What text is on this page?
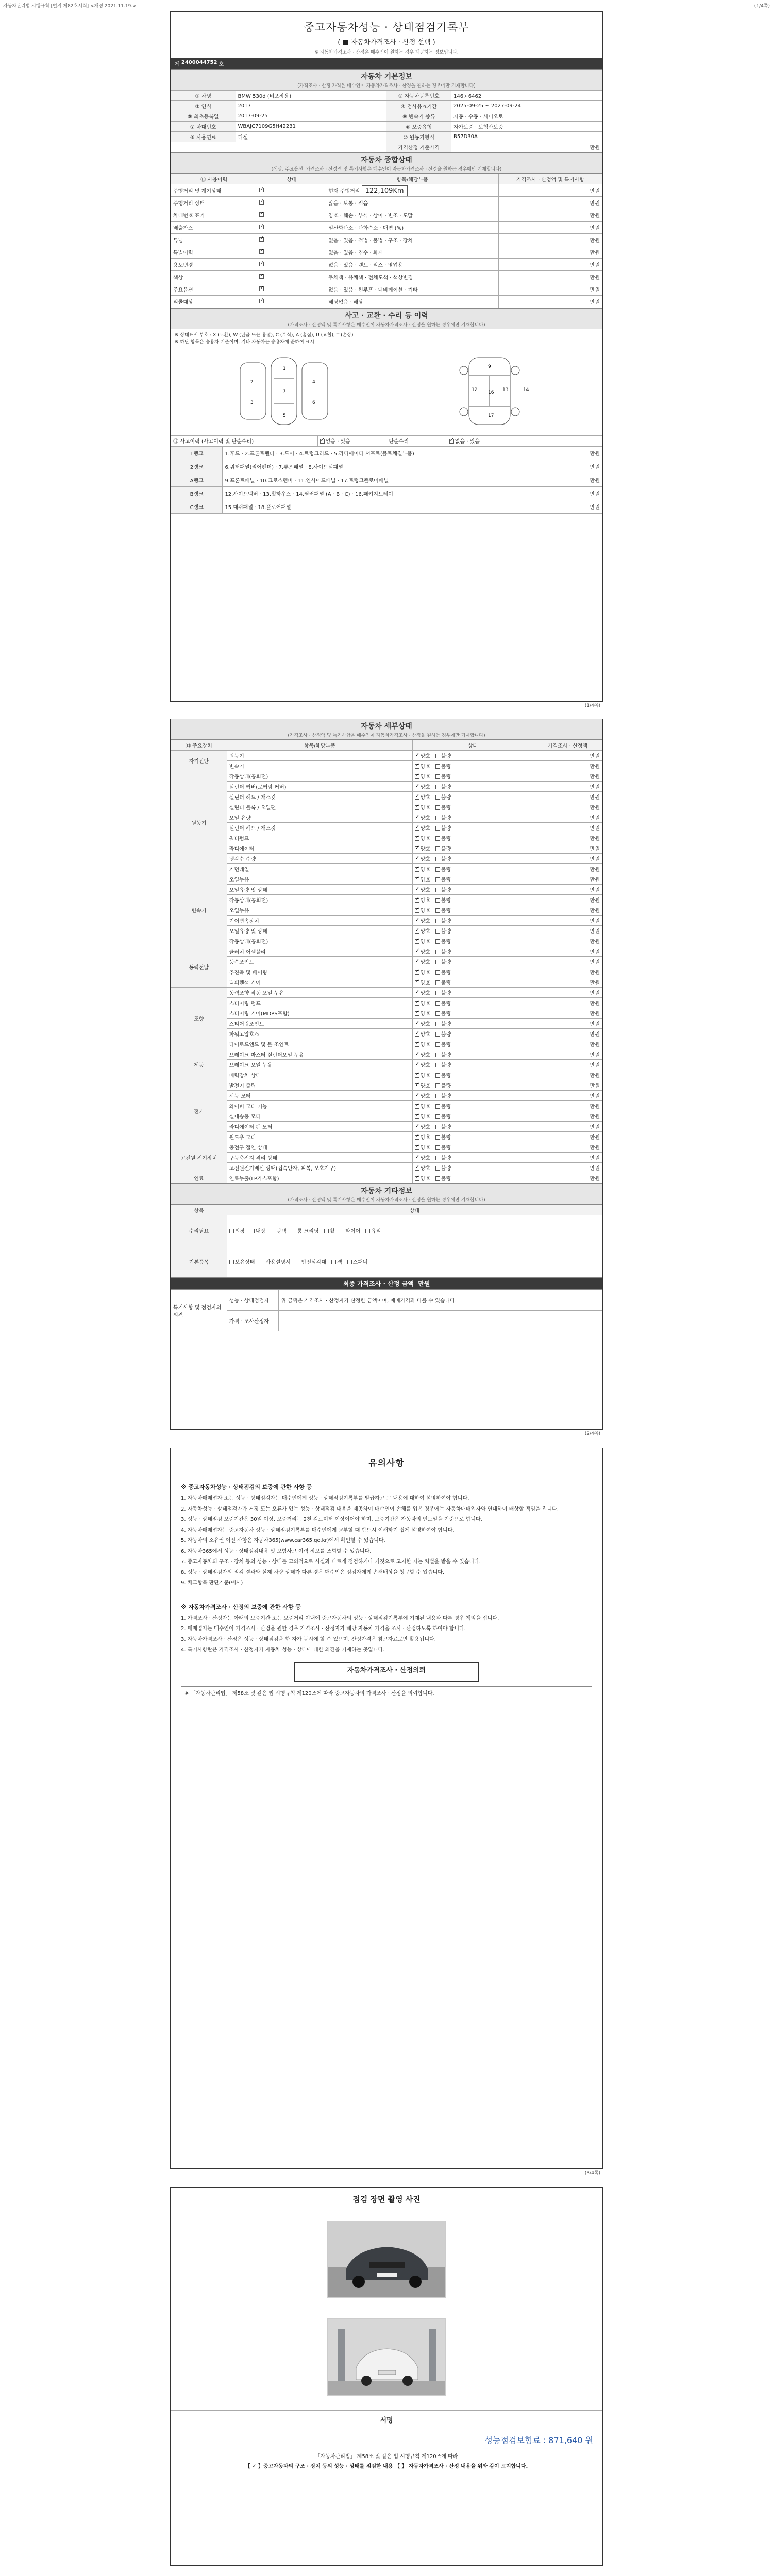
자동차관리법 시행규칙 [별지 제82호서식] <개정 2021.11.19.>	(1/4쪽)
중고자동차성능 · 상태점검기록부
( ■ 자동차가격조사 · 산정 선택 )
※ 자동차가격조사 · 산정은 매수인이 원하는 경우 제공하는 정보입니다.
제
2400044752
호
자동차 기본정보
(가격조사 · 산정 가격은 매수인이 자동차가격조사 · 산정을 원하는 경우에만 기재합니다)
① 차명	BMW 530d (비포장용)	② 자동차등록번호	146고6462
③ 연식	2017	④ 검사유효기간	2025-09-25 ~ 2027-09-24
⑤ 최초등록일	2017-09-25	⑥ 변속기 종류	자동 · 수동 · 세미오토
⑦ 차대번호	WBAJC7109G5H42231	⑧ 보증유형	자가보증 · 보험사보증
⑨ 사용연료	디젤	⑩ 원동기형식	B57D30A
		가격산정 기준가격	만원
자동차 종합상태
(색상, 주요옵션, 가격조사 · 산정액 및 특기사항은 매수인이 자동차가격조사 · 산정을 원하는 경우에만 기재합니다)
⑪ 사용이력	상태	항목/해당부품	가격조사 · 산정액 및 특기사항
주행거리 및 계기상태	✓	현재 주행거리 122,109Km	만원
주행거리 상태	✓	많음 · 보통 · 적음	만원
차대번호 표기	✓	양호 · 훼손 · 부식 · 상이 · 변조 · 도말	만원
배출가스	✓	일산화탄소 · 탄화수소 · 매연 (%)	만원
튜닝	✓	없음 · 있음 · 적법 · 불법 · 구조 · 장치	만원
특별이력	✓	없음 · 있음 · 침수 · 화재	만원
용도변경	✓	없음 · 있음 · 렌트 · 리스 · 영업용	만원
색상	✓	무채색 · 유채색 · 전체도색 · 색상변경	만원
주요옵션	✓	없음 · 있음 · 썬루프 · 네비게이션 · 기타	만원
리콜대상	✓	해당없음 · 해당	만원
사고 · 교환 · 수리 등 이력
(가격조사 · 산정액 및 특기사항은 매수인이 자동차가격조사 · 산정을 원하는 경우에만 기재합니다)
※ 상태표시 부호 : X (교환), W (판금 또는 용접), C (부식), A (흠집), U (요철), T (손상)
※ 하단 항목은 승용차 기준이며, 기타 자동차는 승용차에 준하여 표시
1
2
3
7
4
6
5
9
12	13
16
17
14
⑫ 사고이력 (사고이력 및 단순수리)	✓없음 · 있음	단순수리	✓없음 · 있음
1랭크	1.후드 · 2.프론트펜더 · 3.도어 · 4.트렁크리드 · 5.라디에이터 서포트(볼트체결부품)	만원
2랭크	6.쿼터패널(리어펜더) · 7.루프패널 · 8.사이드실패널	만원
A랭크	9.프론트패널 · 10.크로스멤버 · 11.인사이드패널 · 17.트렁크플로어패널	만원
B랭크	12.사이드멤버 · 13.휠하우스 · 14.필러패널 (A · B · C) · 16.패키지트레이	만원
C랭크	15.대쉬패널 · 18.플로어패널	만원
(1/4쪽)
자동차 세부상태
(가격조사 · 산정액 및 특기사항은 매수인이 자동차가격조사 · 산정을 원하는 경우에만 기재합니다)
⑬ 주요장치	항목/해당부품	상태	가격조사 · 산정액
자기진단	원동기	✓양호 불량	만원
	변속기	✓양호 불량	만원
원동기	작동상태(공회전)	✓양호 불량	만원
	실린더 커버(로커암 커버)	✓양호 불량	만원
	실린더 헤드 / 개스킷	✓양호 불량	만원
	실린더 블록 / 오일팬	✓양호 불량	만원
	오일 유량	✓양호 불량	만원
	실린더 헤드 / 개스킷	✓양호 불량	만원
	워터펌프	✓양호 불량	만원
	라디에이터	✓양호 불량	만원
	냉각수 수량	✓양호 불량	만원
	커먼레일	✓양호 불량	만원
변속기	오일누유	✓양호 불량	만원
	오일유량 및 상태	✓양호 불량	만원
	작동상태(공회전)	✓양호 불량	만원
	오일누유	✓양호 불량	만원
	기어변속장치	✓양호 불량	만원
	오일유량 및 상태	✓양호 불량	만원
	작동상태(공회전)	✓양호 불량	만원
동력전달	클러치 어셈블리	✓양호 불량	만원
	등속조인트	✓양호 불량	만원
	추진축 및 베어링	✓양호 불량	만원
	디퍼렌셜 기어	✓양호 불량	만원
조향	동력조향 작동 오일 누유	✓양호 불량	만원
	스티어링 펌프	✓양호 불량	만원
	스티어링 기어(MDPS포함)	✓양호 불량	만원
	스티어링조인트	✓양호 불량	만원
	파워고압호스	✓양호 불량	만원
	타이로드엔드 및 볼 조인트	✓양호 불량	만원
제동	브레이크 마스터 실린더오일 누유	✓양호 불량	만원
	브레이크 오일 누유	✓양호 불량	만원
	배력장치 상태	✓양호 불량	만원
전기	발전기 출력	✓양호 불량	만원
	시동 모터	✓양호 불량	만원
	와이퍼 모터 기능	✓양호 불량	만원
	실내송풍 모터	✓양호 불량	만원
	라디에이터 팬 모터	✓양호 불량	만원
	윈도우 모터	✓양호 불량	만원
고전원 전기장치	충전구 절연 상태	✓양호 불량	만원
	구동축전지 격리 상태	✓양호 불량	만원
	고전원전기배선 상태(접속단자, 피복, 보호기구)	✓양호 불량	만원
연료	연료누출(LP가스포함)	✓양호 불량	만원
자동차 기타정보
(가격조사 · 산정액 및 특기사항은 매수인이 자동차가격조사 · 산정을 원하는 경우에만 기재합니다)
항목	상태
수리필요	외장 내장 광택 룸 크리닝 휠 타이어 유리
기본품목	보유상태 사용설명서 안전삼각대 잭 스패너
최종 가격조사 · 산정 금액 만원
특기사항 및 점검자의 의견	성능 · 상태점검자	위 금액은 가격조사 · 산정자가 산정한 금액이며, 매매가격과 다를 수 있습니다.
	가격 · 조사산정자	
(2/4쪽)
유의사항
※ 중고자동차성능 · 상태점검의 보증에 관한 사항 등

1. 자동차매매업자 또는 성능 · 상태점검자는 매수인에게 성능 · 상태점검기록부를 발급하고 그 내용에 대하여 설명하여야 합니다.

2. 자동차성능 · 상태점검자가 거짓 또는 오류가 있는 성능 · 상태점검 내용을 제공하여 매수인이 손해를 입은 경우에는 자동차매매업자와 연대하여 배상할 책임을 집니다.

3. 성능 · 상태점검 보증기간은 30일 이상, 보증거리는 2천 킬로미터 이상이어야 하며, 보증기간은 자동차의 인도일을 기준으로 합니다.

4. 자동차매매업자는 중고자동차 성능 · 상태점검기록부를 매수인에게 교부할 때 반드시 이해하기 쉽게 설명하여야 합니다.

5. 자동차의 소유권 이전 사항은 자동차365(www.car365.go.kr)에서 확인할 수 있습니다.

6. 자동차365에서 성능 · 상태점검내용 및 보험사고 이력 정보를 조회할 수 있습니다.

7. 중고자동차의 구조 · 장치 등의 성능 · 상태를 고의적으로 사실과 다르게 점검하거나 거짓으로 고지한 자는 처벌을 받을 수 있습니다.

8. 성능 · 상태점검자의 점검 결과와 실제 차량 상태가 다른 경우 매수인은 점검자에게 손해배상을 청구할 수 있습니다.

9. 체크항목 판단기준(예시)

※ 자동차가격조사 · 산정의 보증에 관한 사항 등

1. 가격조사 · 산정자는 아래의 보증기간 또는 보증거리 이내에 중고자동차의 성능 · 상태점검기록부에 기재된 내용과 다른 경우 책임을 집니다.

2. 매매업자는 매수인이 가격조사 · 산정을 원할 경우 가격조사 · 산정자가 해당 자동차 가격을 조사 · 산정하도록 하여야 합니다.

3. 자동차가격조사 · 산정은 성능 · 상태점검을 한 자가 동시에 할 수 있으며, 산정가격은 참고자료로만 활용됩니다.

4. 특기사항란은 가격조사 · 산정자가 자동차 성능 · 상태에 대한 의견을 기재하는 곳입니다.

자동차가격조사 · 산정의뢰

※ 「자동차관리법」 제58조 및 같은 법 시행규칙 제120조에 따라 중고자동차의 가격조사 · 산정을 의뢰합니다.

(3/4쪽)
점검 장면 촬영 사진
서명
성능점검보험료 : 871,640 원
「자동차관리법」 제58조 및 같은 법 시행규칙 제120조에 따라
【 ✓ 】중고자동차의 구조 · 장치 등의 성능 · 상태를 점검한 내용 【 】 자동차가격조사 · 산정 내용을 위와 같이 고지합니다.
